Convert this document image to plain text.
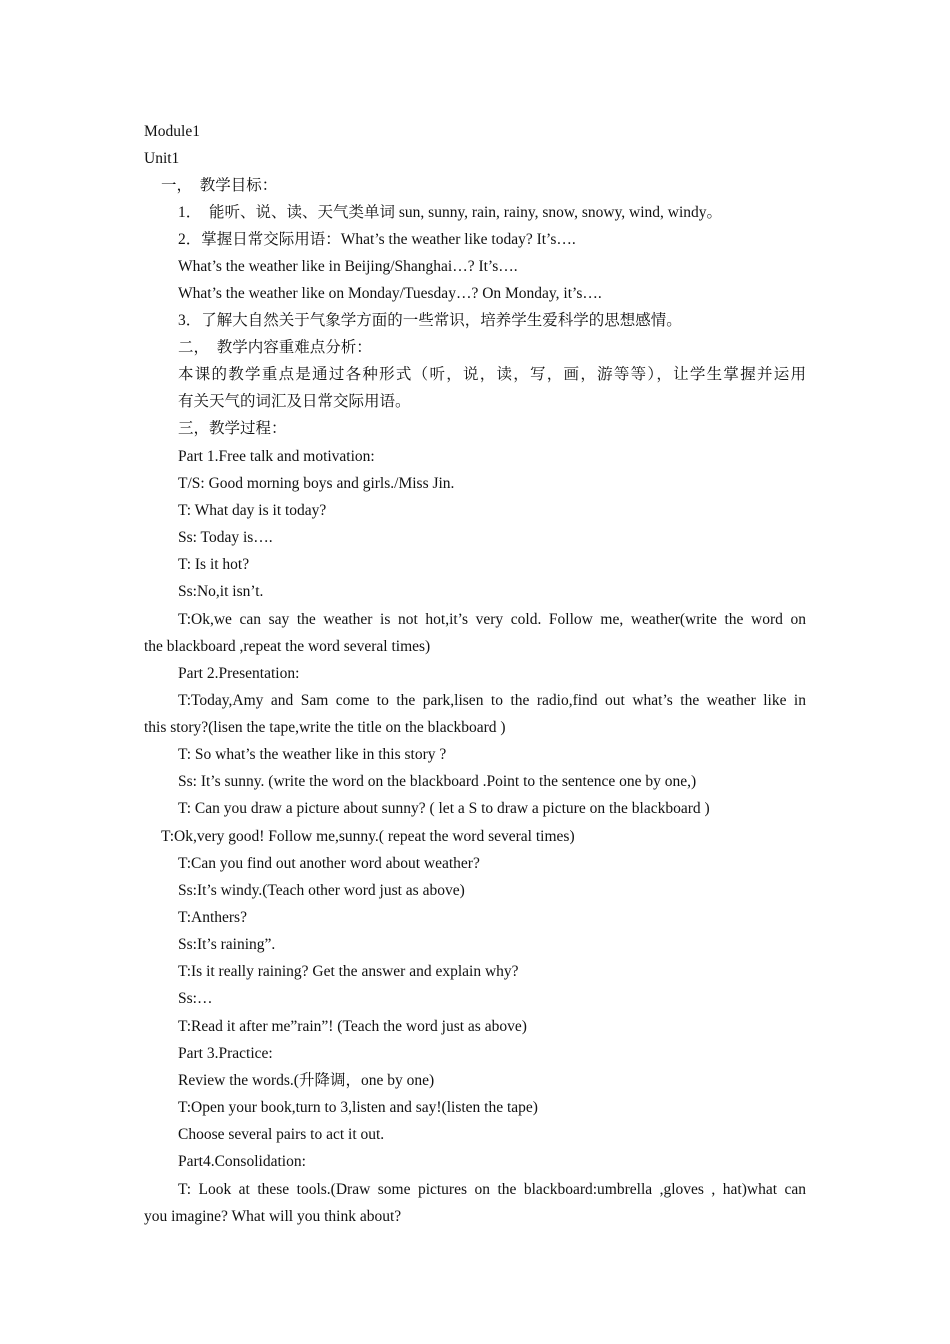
Module1
Unit1
一，  教学目标：
1．  能听、说、读、天气类单词 sun, sunny, rain, rainy, snow, snowy, wind, windy。
2．掌握日常交际用语：What’s the weather like today? It’s….
What’s the weather like in Beijing/Shanghai…? It’s….
What’s the weather like on Monday/Tuesday…? On Monday, it’s….
3．了解大自然关于气象学方面的一些常识，培养学生爱科学的思想感情。
二，  教学内容重难点分析：
本课的教学重点是通过各种形式（听，说，读，写，画，游等等），让学生掌握并运用
有关天气的词汇及日常交际用语。
三，教学过程：
Part 1.Free talk and motivation:
T/S: Good morning boys and girls./Miss Jin.
T: What day is it today?
Ss: Today is….
T: Is it hot?
Ss:No,it isn’t.
T:Ok,we can say the weather is not hot,it’s very cold. Follow me, weather(write the word on
the blackboard ,repeat the word several times)
Part 2.Presentation:
T:Today,Amy and Sam come to the park,lisen to the radio,find out what’s the weather like in
this story?(lisen the tape,write the title on the blackboard )
T: So what’s the weather like in this story ?
Ss: It’s sunny. (write the word on the blackboard .Point to the sentence one by one,)
T: Can you draw a picture about sunny? ( let a S to draw a picture on the blackboard )
T:Ok,very good! Follow me,sunny.( repeat the word several times)
T:Can you find out another word about weather?
Ss:It’s windy.(Teach other word just as above)
T:Anthers?
Ss:It’s raining”.
T:Is it really raining? Get the answer and explain why?
Ss:…
T:Read it after me”rain”! (Teach the word just as above)
Part 3.Practice:
Review the words.(升降调，one by one)
T:Open your book,turn to 3,listen and say!(listen the tape)
Choose several pairs to act it out.
Part4.Consolidation:
T: Look at these tools.(Draw some pictures on the blackboard:umbrella ,gloves , hat)what can
you imagine? What will you think about?
